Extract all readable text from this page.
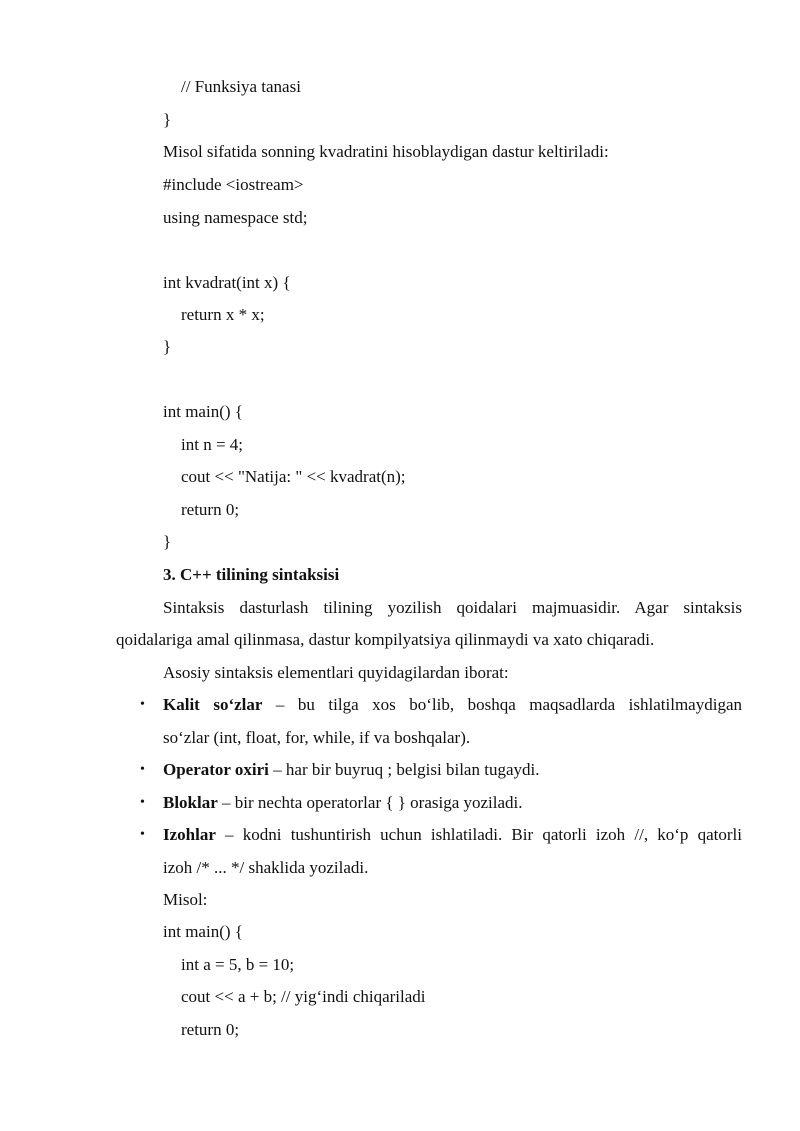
// Funksiya tanasi

}

Misol sifatida sonning kvadratini hisoblaydigan dastur keltiriladi:

#include <iostream>

using namespace std;

int kvadrat(int x) {

return x * x;

}

int main() {

int n = 4;

cout << "Natija: " << kvadrat(n);

return 0;

}

3. C++ tilining sintaksisi

Sintaksis dasturlash tilining yozilish qoidalari majmuasidir. Agar sintaksis

qoidalariga amal qilinmasa, dastur kompilyatsiya qilinmaydi va xato chiqaradi.

Asosiy sintaksis elementlari quyidagilardan iborat:

• Kalit so‘zlar – bu tilga xos bo‘lib, boshqa maqsadlarda ishlatilmaydigan

so‘zlar (int, float, for, while, if va boshqalar).

• Operator oxiri – har bir buyruq ; belgisi bilan tugaydi.

• Bloklar – bir nechta operatorlar { } orasiga yoziladi.

• Izohlar – kodni tushuntirish uchun ishlatiladi. Bir qatorli izoh //, ko‘p qatorli

izoh /* ... */ shaklida yoziladi.

Misol:

int main() {

int a = 5, b = 10;

cout << a + b; // yig‘indi chiqariladi

return 0;
